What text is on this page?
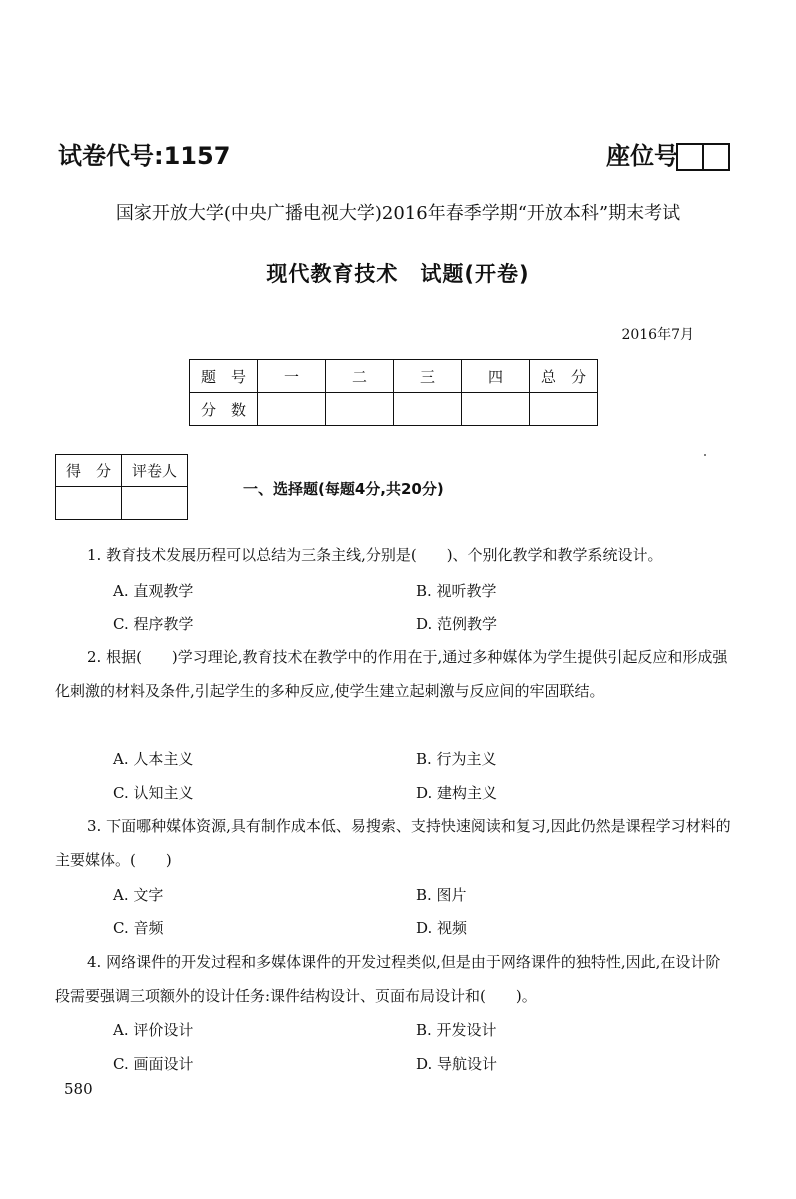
试卷代号:1157	座位号
国家开放大学(中央广播电视大学)2016年春季学期“开放本科”期末考试
现代教育技术　试题(开卷)
2016年7月
题　号	一	二	三	四	总　分
分　数					
得　分	评卷人

一、选择题(每题4分,共20分)
1. 教育技术发展历程可以总结为三条主线,分别是(　　)、个别化教学和教学系统设计。
A. 直观教学	B. 视听教学
C. 程序教学	D. 范例教学
2. 根据(　　)学习理论,教育技术在教学中的作用在于,通过多种媒体为学生提供引起反应和形成强化刺激的材料及条件,引起学生的多种反应,使学生建立起刺激与反应间的牢固联结。
A. 人本主义	B. 行为主义
C. 认知主义	D. 建构主义
3. 下面哪种媒体资源,具有制作成本低、易搜索、支持快速阅读和复习,因此仍然是课程学习材料的主要媒体。(　　)
A. 文字	B. 图片
C. 音频	D. 视频
4. 网络课件的开发过程和多媒体课件的开发过程类似,但是由于网络课件的独特性,因此,在设计阶段需要强调三项额外的设计任务:课件结构设计、页面布局设计和(　　)。
A. 评价设计	B. 开发设计
C. 画面设计	D. 导航设计
580
